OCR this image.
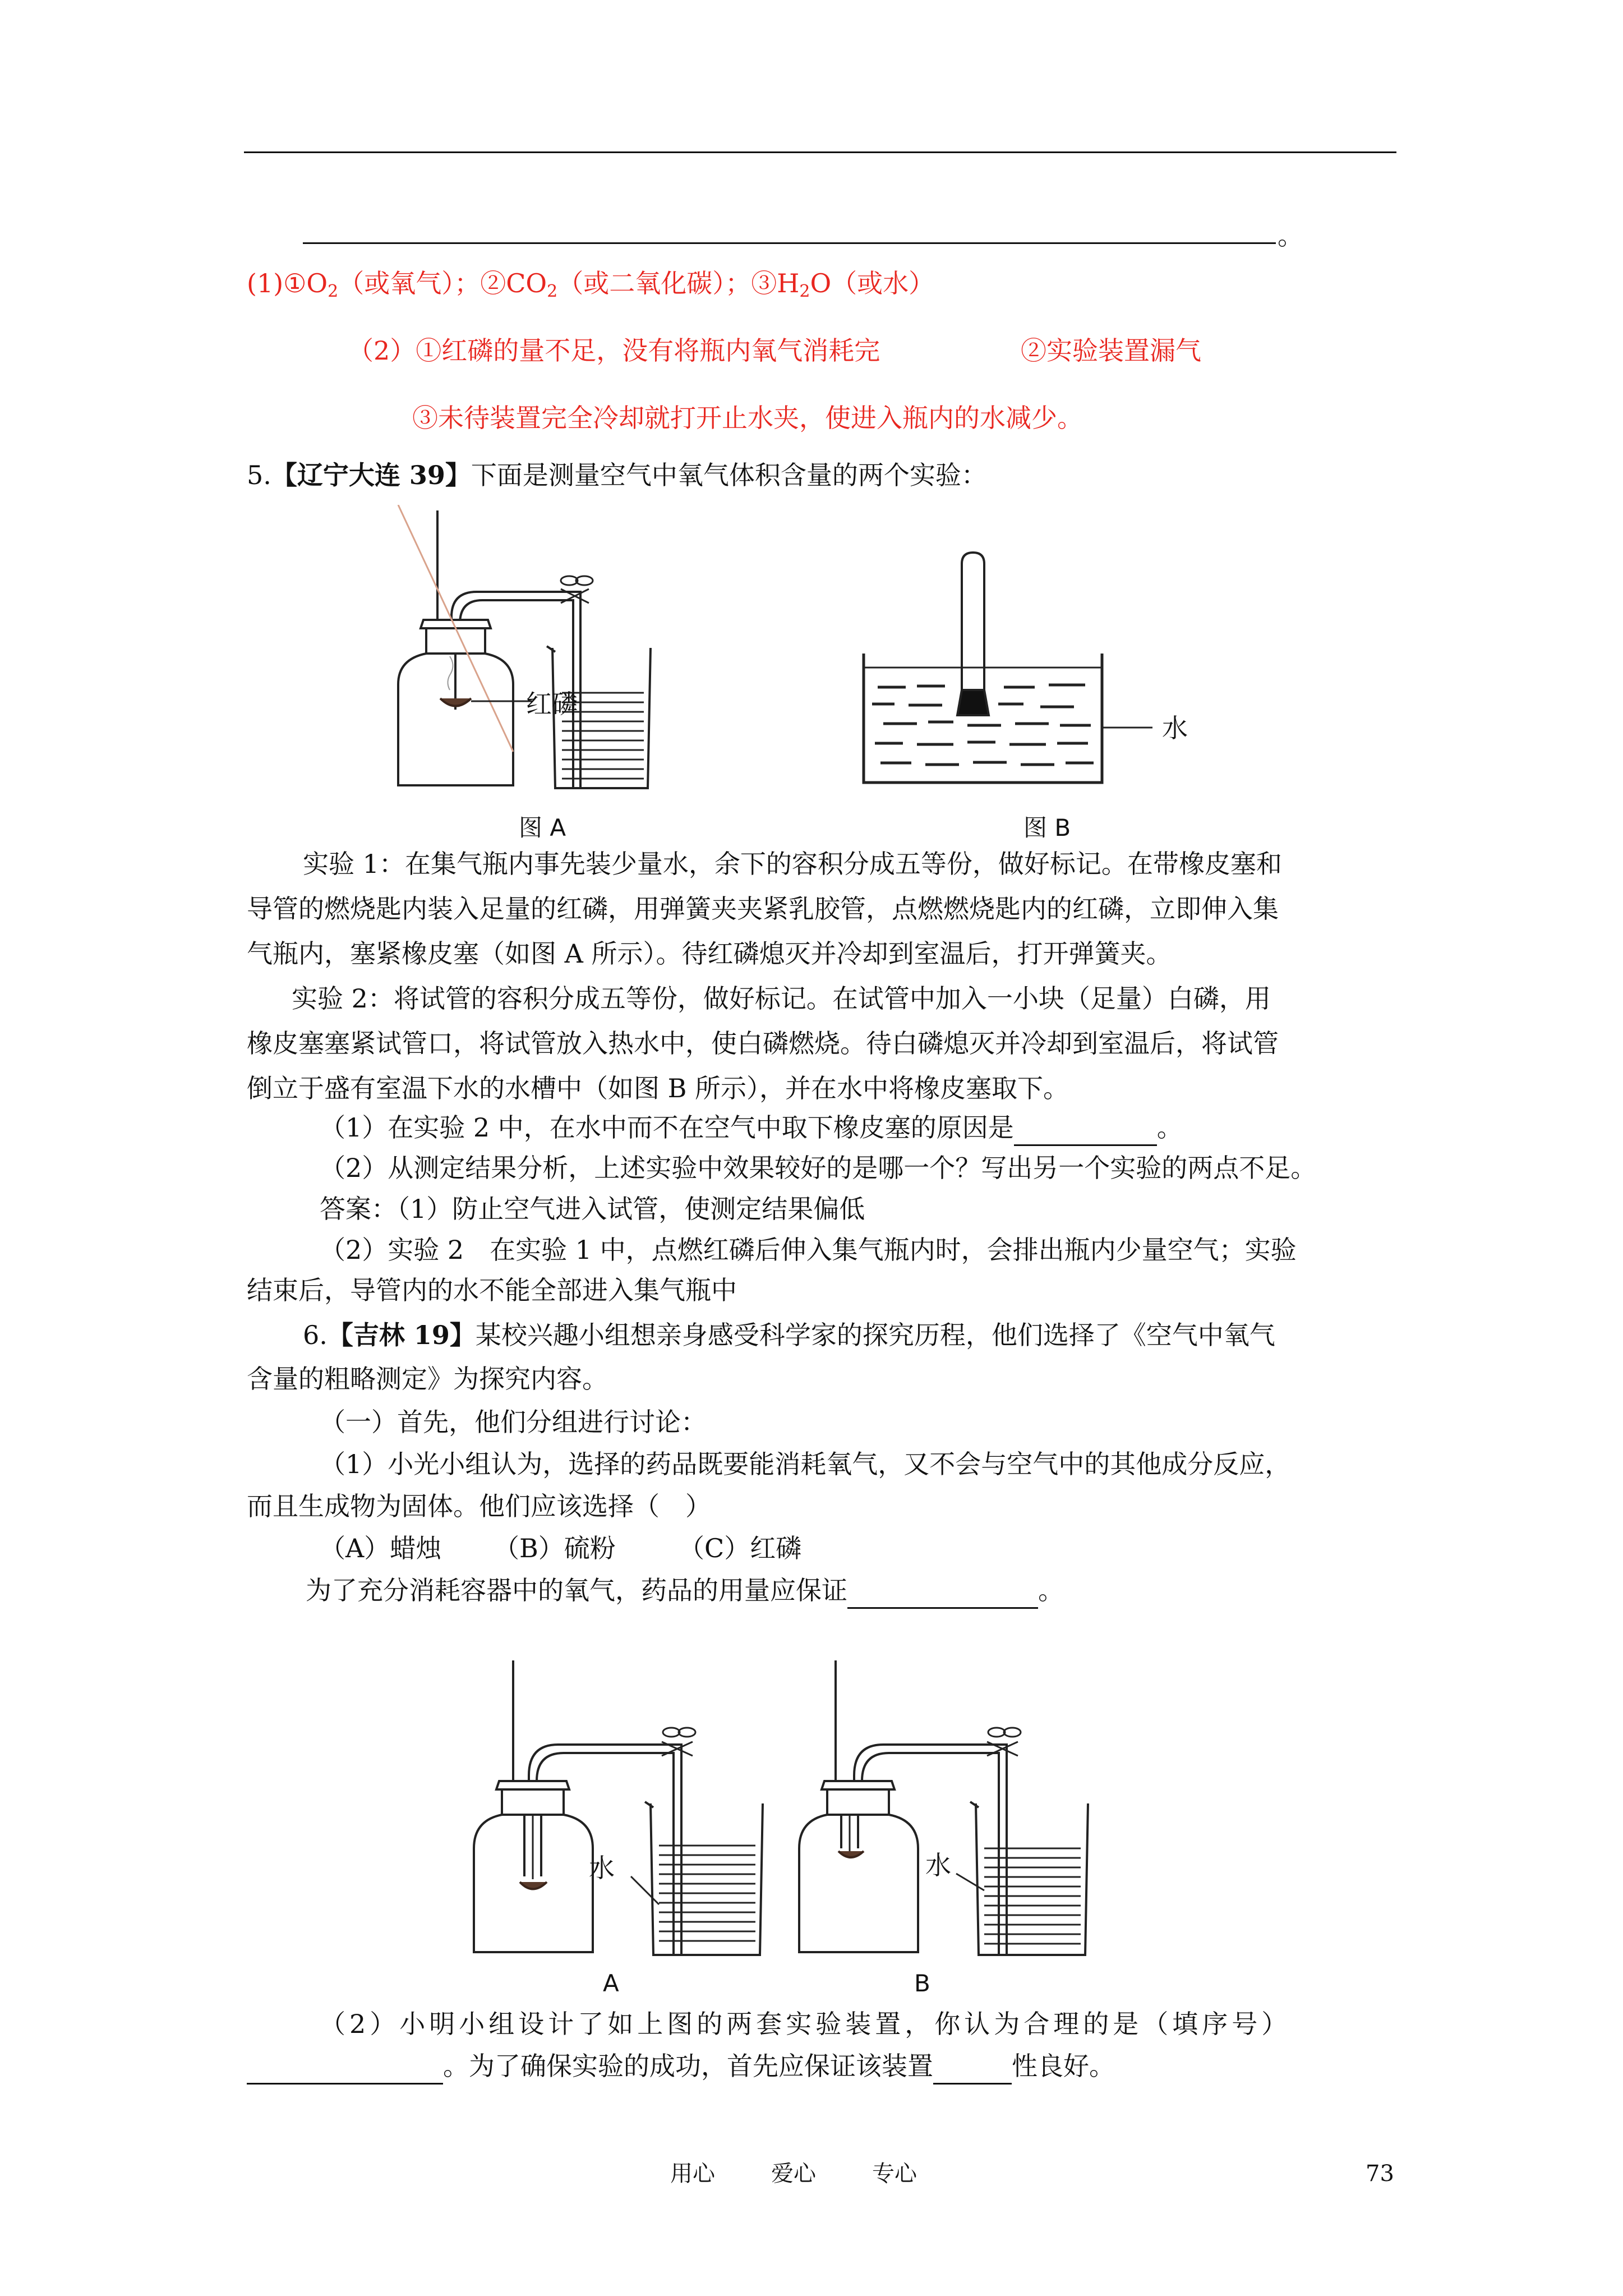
。
$(1)①O_2$（或氧气）；$②CO_2$（或二氧化碳）；$③H_2O$（或水）
（2）①红磷的量不足，没有将瓶内氧气消耗完	②实验装置漏气
③未待装置完全冷却就打开止水夹，使进入瓶内的水减少。
5.【辽宁大连 39】下面是测量空气中氧气体积含量的两个实验：
红磷
图 A
水
图 B
实验 1：在集气瓶内事先装少量水，余下的容积分成五等份，做好标记。在带橡皮塞和
导管的燃烧匙内装入足量的红磷，用弹簧夹夹紧乳胶管，点燃燃烧匙内的红磷，立即伸入集
气瓶内，塞紧橡皮塞（如图 A 所示）。待红磷熄灭并冷却到室温后，打开弹簧夹。
实验 2：将试管的容积分成五等份，做好标记。在试管中加入一小块（足量）白磷，用
橡皮塞塞紧试管口，将试管放入热水中，使白磷燃烧。待白磷熄灭并冷却到室温后，将试管
倒立于盛有室温下水的水槽中（如图 B 所示），并在水中将橡皮塞取下。
（1）在实验 2 中，在水中而不在空气中取下橡皮塞的原因是	。
（2）从测定结果分析，上述实验中效果较好的是哪一个？写出另一个实验的两点不足。
答案：（1）防止空气进入试管，使测定结果偏低
（2）实验 2　在实验 1 中，点燃红磷后伸入集气瓶内时，会排出瓶内少量空气；实验
结束后，导管内的水不能全部进入集气瓶中
6.【吉林 19】某校兴趣小组想亲身感受科学家的探究历程，他们选择了《空气中氧气
含量的粗略测定》为探究内容。
（一）首先，他们分组进行讨论：
（1）小光小组认为，选择的药品既要能消耗氧气，又不会与空气中的其他成分反应，
而且生成物为固体。他们应该选择（　）
（A）蜡烛 （B）硫粉 （C）红磷
为了充分消耗容器中的氧气，药品的用量应保证	。
水
A
水
B
（2）小明小组设计了如上图的两套实验装置，你认为合理的是（填序号）
。为了确保实验的成功，首先应保证该装置	性良好。
用心	爱心	专心	73
